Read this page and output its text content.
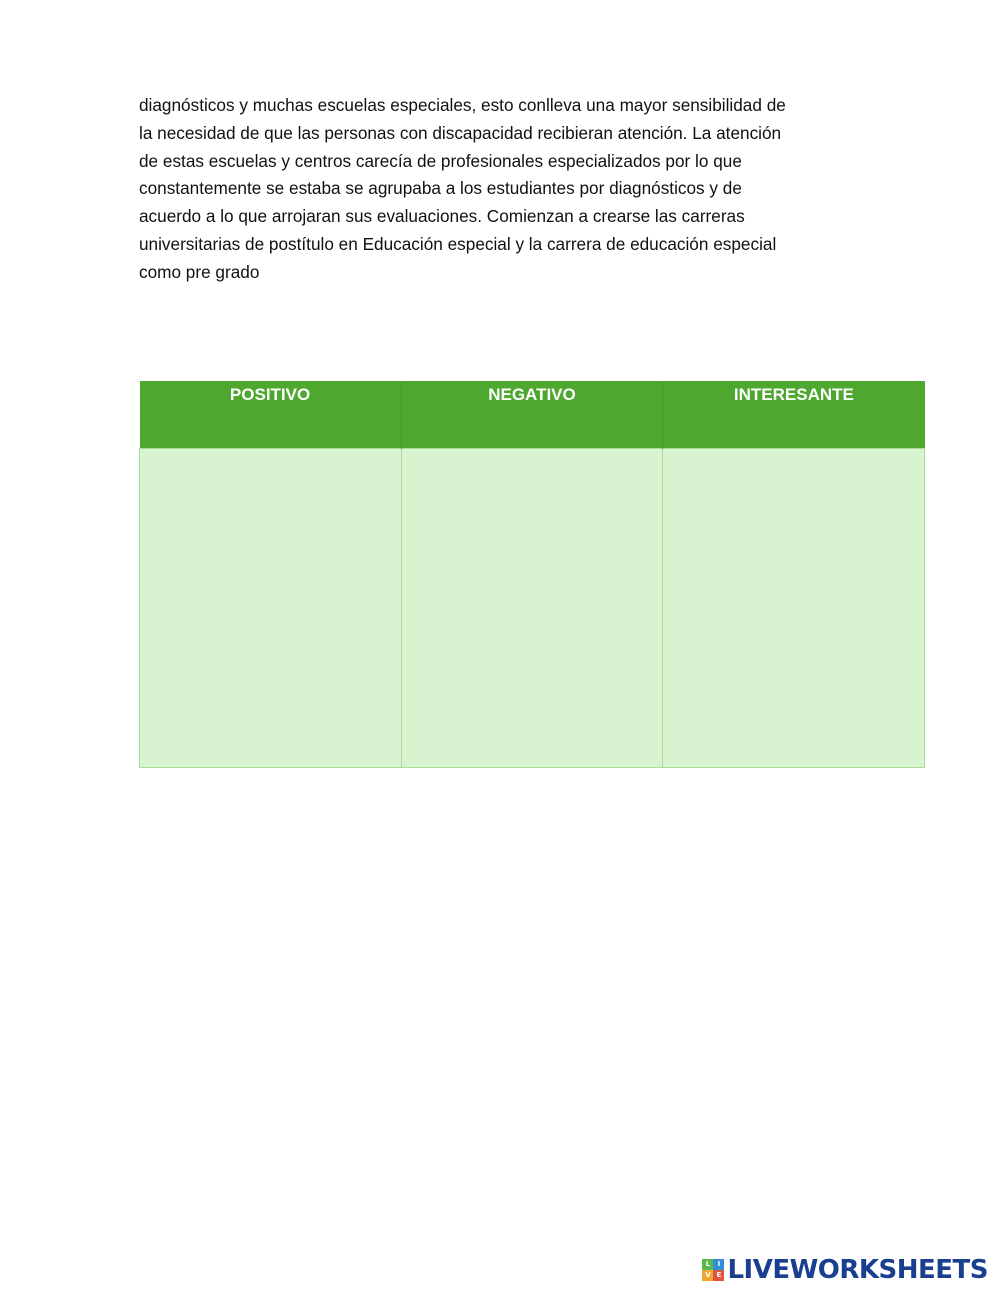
diagnósticos y muchas escuelas especiales, esto conlleva una mayor sensibilidad de
la necesidad de que las personas con discapacidad recibieran atención. La atención
de estas escuelas y centros carecía de profesionales especializados por lo que
constantemente se estaba se agrupaba a los estudiantes por diagnósticos y de
acuerdo a lo que arrojaran sus evaluaciones. Comienzan a crearse las carreras
universitarias de postítulo en Educación especial y la carrera de educación especial
como pre grado
POSITIVO	NEGATIVO	INTERESANTE

L	I
V E LIVEWORKSHEETS
